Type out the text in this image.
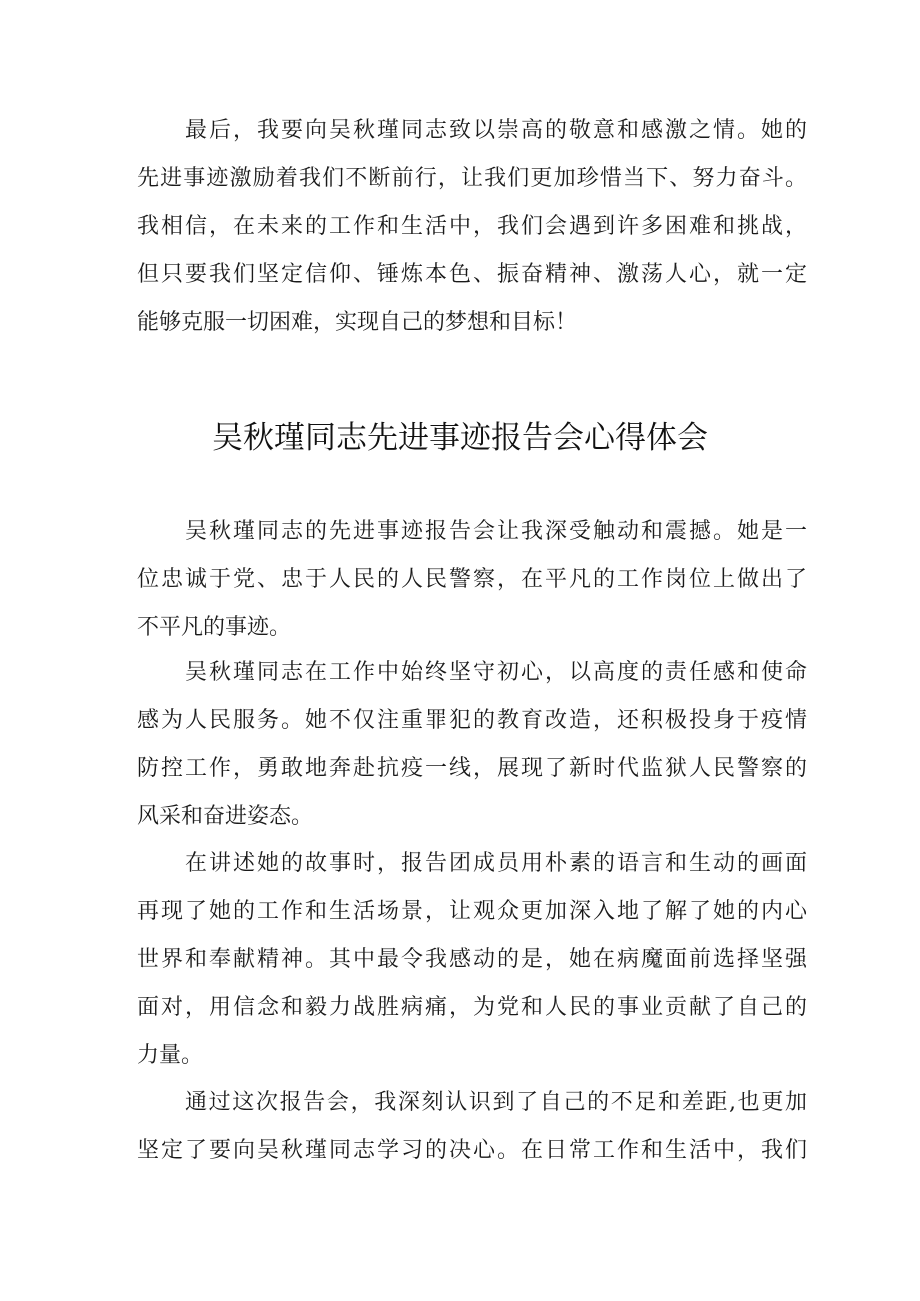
最后，我要向吴秋瑾同志致以崇高的敬意和感激之情。她的
先进事迹激励着我们不断前行，让我们更加珍惜当下、努力奋斗。
我相信，在未来的工作和生活中，我们会遇到许多困难和挑战，
但只要我们坚定信仰、锤炼本色、振奋精神、激荡人心，就一定
能够克服一切困难，实现自己的梦想和目标！
吴秋瑾同志先进事迹报告会心得体会
吴秋瑾同志的先进事迹报告会让我深受触动和震撼。她是一
位忠诚于党、忠于人民的人民警察，在平凡的工作岗位上做出了
不平凡的事迹。
吴秋瑾同志在工作中始终坚守初心，以高度的责任感和使命
感为人民服务。她不仅注重罪犯的教育改造，还积极投身于疫情
防控工作，勇敢地奔赴抗疫一线，展现了新时代监狱人民警察的
风采和奋进姿态。
在讲述她的故事时，报告团成员用朴素的语言和生动的画面
再现了她的工作和生活场景，让观众更加深入地了解了她的内心
世界和奉献精神。其中最令我感动的是，她在病魔面前选择坚强
面对，用信念和毅力战胜病痛，为党和人民的事业贡献了自己的
力量。
通过这次报告会，我深刻认识到了自己的不足和差距,也更加
坚定了要向吴秋瑾同志学习的决心。在日常工作和生活中，我们
